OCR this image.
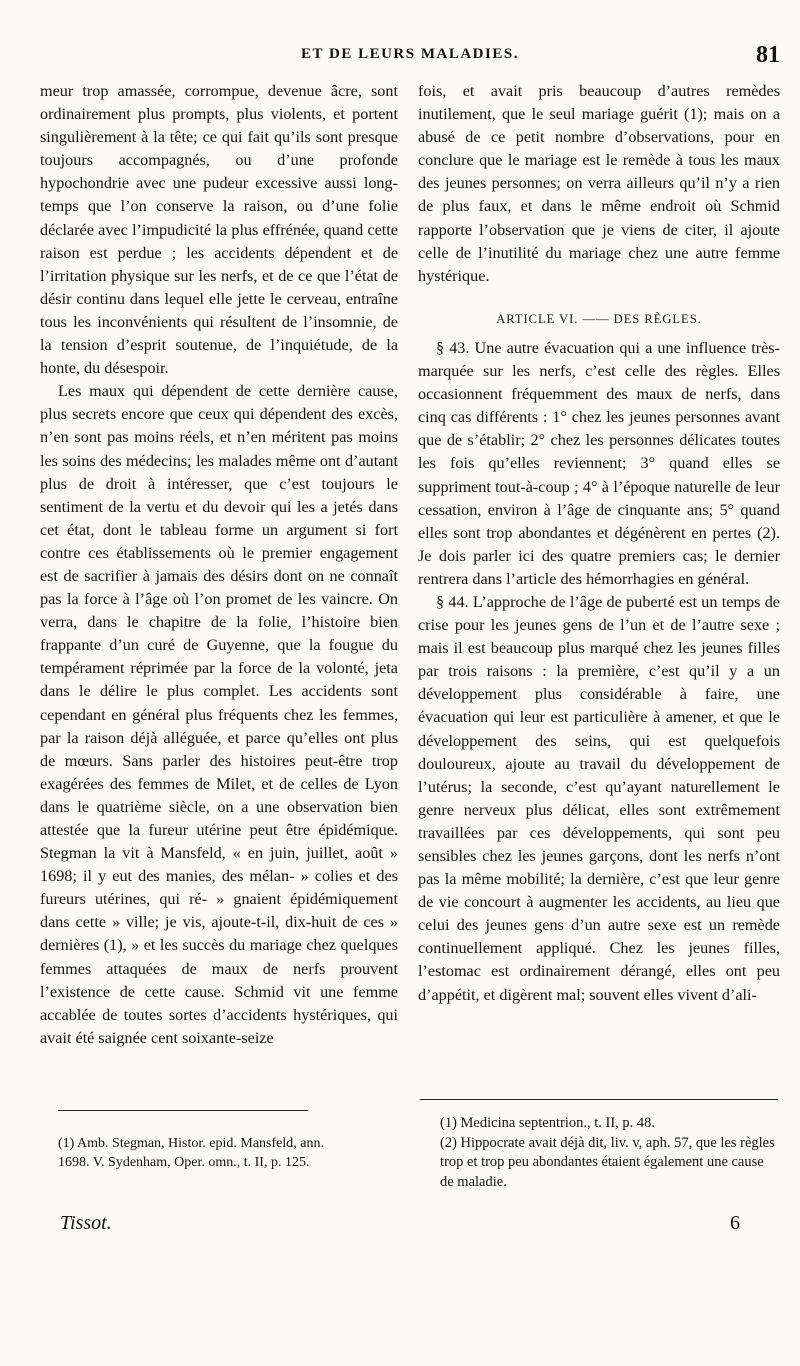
ET DE LEURS MALADIES.	81

meur trop amassée, corrompue, devenue âcre, sont ordinairement plus prompts, plus violents, et portent singulièrement à la tête; ce qui fait qu’ils sont presque toujours accompagnés, ou d’une profonde hypochondrie avec une pudeur excessive aussi long-temps que l’on conserve la raison, ou d’une folie déclarée avec l’impudicité la plus effrénée, quand cette raison est perdue ; les accidents dépendent et de l’irritation physique sur les nerfs, et de ce que l’état de désir continu dans lequel elle jette le cerveau, entraîne tous les inconvénients qui résultent de l’insomnie, de la tension d’esprit soutenue, de l’inquiétude, de la honte, du désespoir.

Les maux qui dépendent de cette dernière cause, plus secrets encore que ceux qui dépendent des excès, n’en sont pas moins réels, et n’en méritent pas moins les soins des médecins; les malades même ont d’autant plus de droit à intéresser, que c’est toujours le sentiment de la vertu et du devoir qui les a jetés dans cet état, dont le tableau forme un argument si fort contre ces établissements où le premier engagement est de sacrifier à jamais des désirs dont on ne connaît pas la force à l’âge où l’on promet de les vaincre. On verra, dans le chapitre de la folie, l’histoire bien frappante d’un curé de Guyenne, que la fougue du tempérament réprimée par la force de la volonté, jeta dans le délire le plus complet. Les accidents sont cependant en général plus fréquents chez les femmes, par la raison déjà alléguée, et parce qu’elles ont plus de mœurs. Sans parler des histoires peut-être trop exagérées des femmes de Milet, et de celles de Lyon dans le quatrième siècle, on a une observation bien attestée que la fureur utérine peut être épidémique. Stegman la vit à Mansfeld, « en juin, juillet, août » 1698; il y eut des manies, des mélan- » colies et des fureurs utérines, qui ré- » gnaient épidémiquement dans cette » ville; je vis, ajoute-t-il, dix-huit de ces » dernières (1), » et les succès du mariage chez quelques femmes attaquées de maux de nerfs prouvent l’existence de cette cause. Schmid vit une femme accablée de toutes sortes d’accidents hystériques, qui avait été saignée cent soixante-seize

fois, et avait pris beaucoup d’autres remèdes inutilement, que le seul mariage guérit (1); mais on a abusé de ce petit nombre d’observations, pour en conclure que le mariage est le remède à tous les maux des jeunes personnes; on verra ailleurs qu’il n’y a rien de plus faux, et dans le même endroit où Schmid rapporte l’observation que je viens de citer, il ajoute celle de l’inutilité du mariage chez une autre femme hystérique.

ARTICLE VI. —— DES RÈGLES.

§ 43. Une autre évacuation qui a une influence très-marquée sur les nerfs, c’est celle des règles. Elles occasionnent fréquemment des maux de nerfs, dans cinq cas différents : 1° chez les jeunes personnes avant que de s’établir; 2° chez les personnes délicates toutes les fois qu’elles reviennent; 3° quand elles se suppriment tout-à-coup ; 4° à l’époque naturelle de leur cessation, environ à l’âge de cinquante ans; 5° quand elles sont trop abondantes et dégénèrent en pertes (2). Je dois parler ici des quatre premiers cas; le dernier rentrera dans l’article des hémorrhagies en général.

§ 44. L’approche de l’âge de puberté est un temps de crise pour les jeunes gens de l’un et de l’autre sexe ; mais il est beaucoup plus marqué chez les jeunes filles par trois raisons : la première, c’est qu’il y a un développement plus considérable à faire, une évacuation qui leur est particulière à amener, et que le développement des seins, qui est quelquefois douloureux, ajoute au travail du développement de l’utérus; la seconde, c’est qu’ayant naturellement le genre nerveux plus délicat, elles sont extrêmement travaillées par ces développements, qui sont peu sensibles chez les jeunes garçons, dont les nerfs n’ont pas la même mobilité; la dernière, c’est que leur genre de vie concourt à augmenter les accidents, au lieu que celui des jeunes gens d’un autre sexe est un remède continuellement appliqué. Chez les jeunes filles, l’estomac est ordinairement dérangé, elles ont peu d’appétit, et digèrent mal; souvent elles vivent d’ali-

(1) Amb. Stegman, Histor. epid. Mansfeld, ann. 1698. V. Sydenham, Oper. omn., t. II, p. 125.

(1) Medicina septentrion., t. II, p. 48.

(2) Hippocrate avait déjà dit, liv. v, aph. 57, que les règles trop et trop peu abondantes étaient également une cause de maladie.

Tissot.	6
